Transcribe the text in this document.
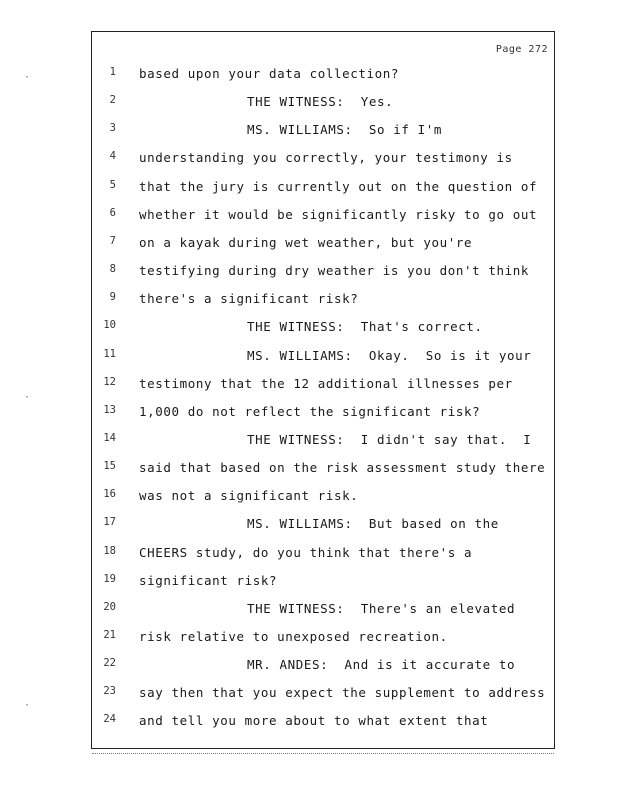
Page 272
1 based upon your data collection?
2	THE WITNESS:  Yes.
3	MS. WILLIAMS:  So if I'm
4 understanding you correctly, your testimony is
5 that the jury is currently out on the question of
6 whether it would be significantly risky to go out
7 on a kayak during wet weather, but you're
8 testifying during dry weather is you don't think
9 there's a significant risk?
10	THE WITNESS:  That's correct.
11	MS. WILLIAMS:  Okay.  So is it your
12 testimony that the 12 additional illnesses per
13 1,000 do not reflect the significant risk?
14	THE WITNESS:  I didn't say that.  I
15 said that based on the risk assessment study there
16 was not a significant risk.
17	MS. WILLIAMS:  But based on the
18 CHEERS study, do you think that there's a
19 significant risk?
20	THE WITNESS:  There's an elevated
21 risk relative to unexposed recreation.
22	MR. ANDES:  And is it accurate to
23 say then that you expect the supplement to address
24 and tell you more about to what extent that
·
·
·
